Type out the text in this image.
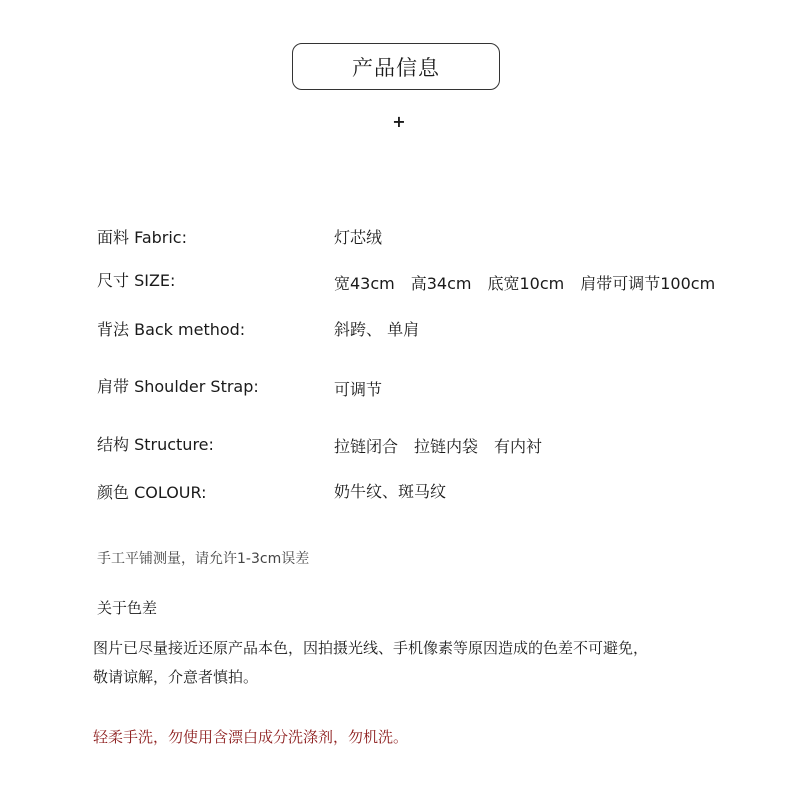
产品信息
+
面料 Fabric:	灯芯绒
尺寸 SIZE:	宽43cm　高34cm　底宽10cm　肩带可调节100cm
背法 Back method:	斜跨、 单肩
肩带 Shoulder Strap:	可调节
结构 Structure:	拉链闭合　拉链内袋　有内衬
颜色 COLOUR:	奶牛纹、斑马纹
手工平铺测量，请允许1-3cm误差
关于色差
图片已尽量接近还原产品本色，因拍摄光线、手机像素等原因造成的色差不可避免，
敬请谅解，介意者慎拍。
轻柔手洗，勿使用含漂白成分洗涤剂，勿机洗。
